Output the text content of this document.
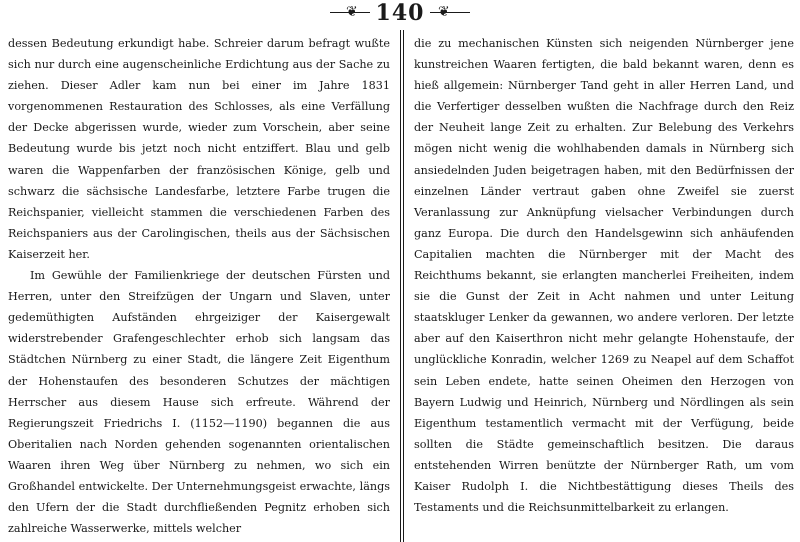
❦ 140 ❦

dessen Bedeutung erkundigt habe. Schreier darum befragt wußte sich nur durch eine augenscheinliche Erdichtung aus der Sache zu ziehen. Dieser Adler kam nun bei einer im Jahre 1831 vorgenommenen Restauration des Schlosses, als eine Verfällung der Decke abgerissen wurde, wieder zum Vorschein, aber seine Bedeutung wurde bis jetzt noch nicht entziffert. Blau und gelb waren die Wappenfarben der französischen Könige, gelb und schwarz die sächsische Landesfarbe, letztere Farbe trugen die Reichspanier, vielleicht stammen die verschiedenen Farben des Reichspaniers aus der Carolingischen, theils aus der Sächsischen Kaiserzeit her.

Im Gewühle der Familienkriege der deutschen Fürsten und Herren, unter den Streifzügen der Ungarn und Slaven, unter gedemüthigten Aufständen ehrgeiziger der Kaisergewalt widerstrebender Grafengeschlechter erhob sich langsam das Städtchen Nürnberg zu einer Stadt, die längere Zeit Eigenthum der Hohenstaufen des besonderen Schutzes der mächtigen Herrscher aus diesem Hause sich erfreute. Während der Regierungszeit Friedrichs I. (1152—1190) begannen die aus Oberitalien nach Norden gehenden sogenannten orientalischen Waaren ihren Weg über Nürnberg zu nehmen, wo sich ein Großhandel entwickelte. Der Unternehmungsgeist erwachte, längs den Ufern der die Stadt durchfließenden Pegnitz erhoben sich zahlreiche Wasserwerke, mittels welcher

die zu mechanischen Künsten sich neigenden Nürnberger jene kunstreichen Waaren fertigten, die bald bekannt waren, denn es hieß allgemein: Nürnberger Tand geht in aller Herren Land, und die Verfertiger desselben wußten die Nachfrage durch den Reiz der Neuheit lange Zeit zu erhalten. Zur Belebung des Verkehrs mögen nicht wenig die wohlhabenden damals in Nürnberg sich ansiedelnden Juden beigetragen haben, mit den Bedürfnissen der einzelnen Länder vertraut gaben ohne Zweifel sie zuerst Veranlassung zur Anknüpfung vielsacher Verbindungen durch ganz Europa. Die durch den Handelsgewinn sich anhäufenden Capitalien machten die Nürnberger mit der Macht des Reichthums bekannt, sie erlangten mancherlei Freiheiten, indem sie die Gunst der Zeit in Acht nahmen und unter Leitung staatskluger Lenker da gewannen, wo andere verloren. Der letzte aber auf den Kaiserthron nicht mehr gelangte Hohenstaufe, der unglückliche Konradin, welcher 1269 zu Neapel auf dem Schaffot sein Leben endete, hatte seinen Oheimen den Herzogen von Bayern Ludwig und Heinrich, Nürnberg und Nördlingen als sein Eigenthum testamentlich vermacht mit der Verfügung, beide sollten die Städte gemeinschaftlich besitzen. Die daraus entstehenden Wirren benützte der Nürnberger Rath, um vom Kaiser Rudolph I. die Nichtbestättigung dieses Theils des Testaments und die Reichsunmittelbarkeit zu erlangen.
